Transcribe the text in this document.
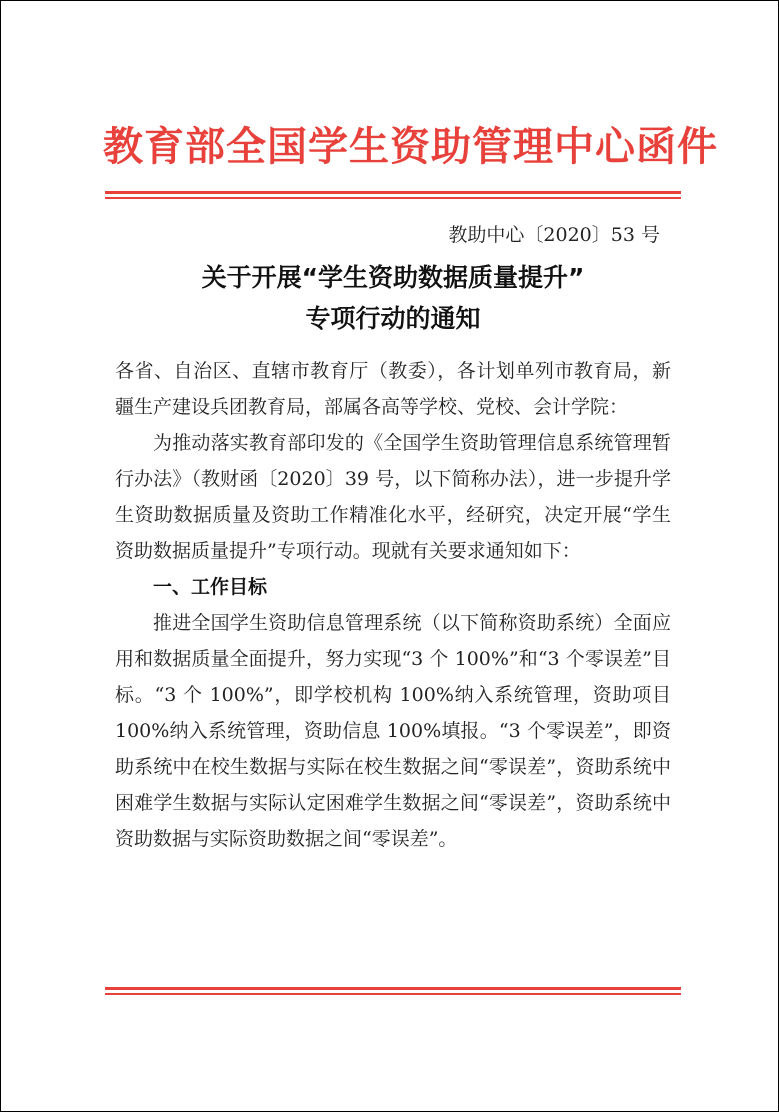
教育部全国学生资助管理中心函件
教助中心〔2020〕53 号
关于开展“学生资助数据质量提升”
专项行动的通知

各省、自治区、直辖市教育厅（教委），各计划单列市教育局，新疆生产建设兵团教育局，部属各高等学校、党校、会计学院：

为推动落实教育部印发的《全国学生资助管理信息系统管理暂行办法》（教财函〔2020〕39 号，以下简称办法），进一步提升学生资助数据质量及资助工作精准化水平，经研究，决定开展“学生资助数据质量提升”专项行动。现就有关要求通知如下：

一、工作目标

推进全国学生资助信息管理系统（以下简称资助系统）全面应用和数据质量全面提升，努力实现“3 个 100%”和“3 个零误差”目标。“3 个 100%”，即学校机构 100%纳入系统管理，资助项目 100%纳入系统管理，资助信息 100%填报。“3 个零误差”，即资助系统中在校生数据与实际在校生数据之间“零误差”，资助系统中困难学生数据与实际认定困难学生数据之间“零误差”，资助系统中资助数据与实际资助数据之间“零误差”。
